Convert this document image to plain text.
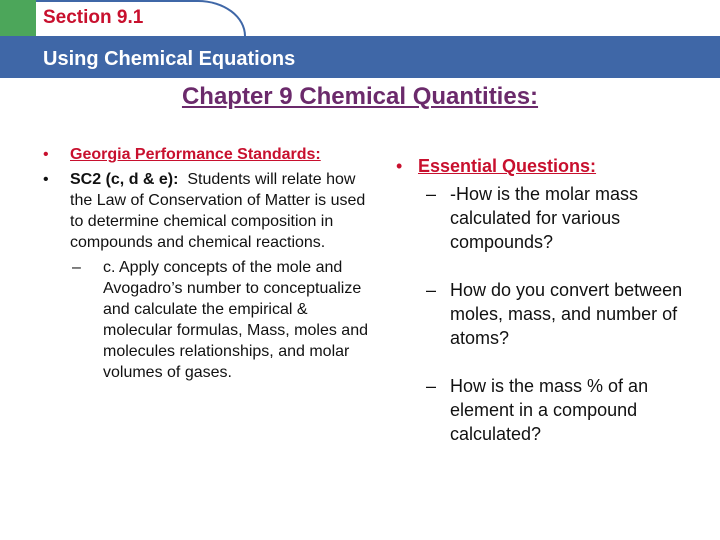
Section 9.1
Using Chemical Equations
Chapter 9 Chemical Quantities:
• Georgia Performance Standards:
• SC2 (c, d & e): Students will relate how the Law of Conservation of Matter is used to determine chemical composition in compounds and chemical reactions.
– c. Apply concepts of the mole and Avogadro’s number to conceptualize and calculate the empirical & molecular formulas, Mass, moles and molecules relationships, and molar volumes of gases.
• Essential Questions:
– -How is the molar mass calculated for various compounds?
– How do you convert between moles, mass, and number of atoms?
– How is the mass % of an element in a compound calculated?
